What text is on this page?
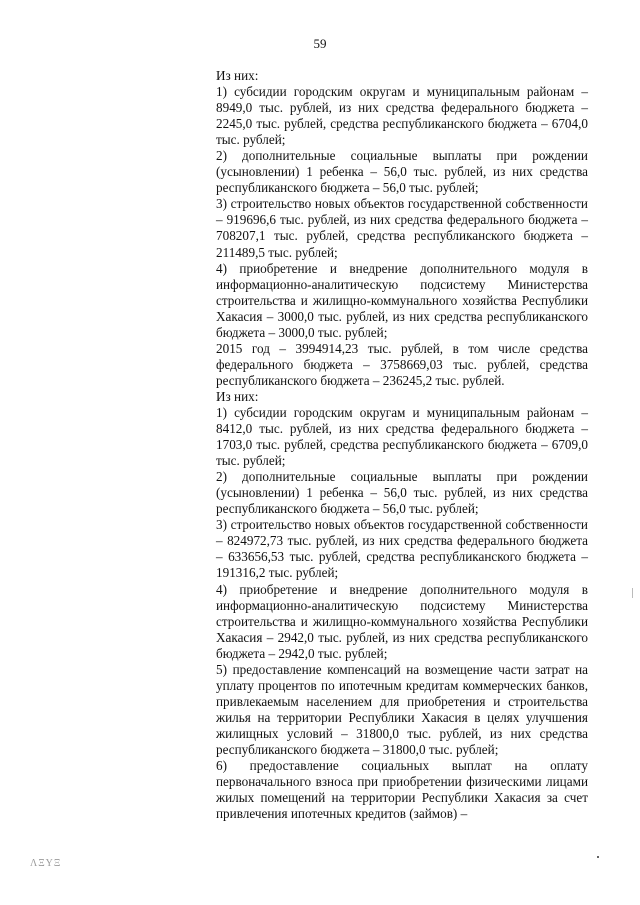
59

Из них:

1) субсидии городским округам и муниципальным районам – 8949,0 тыс. рублей, из них средства федерального бюджета – 2245,0 тыс. рублей, средства республиканского бюджета – 6704,0 тыс. рублей;

2) дополнительные социальные выплаты при рождении (усыновлении) 1 ребенка – 56,0 тыс. рублей, из них средства республиканского бюджета – 56,0 тыс. рублей;

3) строительство новых объектов государственной собственности – 919696,6 тыс. рублей, из них средства федерального бюджета – 708207,1 тыс. рублей, средства республиканского бюджета – 211489,5 тыс. рублей;

4) приобретение и внедрение дополнительного модуля в информационно-аналитическую подсистему Министерства строительства и жилищно-коммунального хозяйства Республики Хакасия – 3000,0 тыс. рублей, из них средства республиканского бюджета – 3000,0 тыс. рублей;

2015 год – 3994914,23 тыс. рублей, в том числе средства федерального бюджета – 3758669,03 тыс. рублей, средства республиканского бюджета – 236245,2 тыс. рублей.

Из них:

1) субсидии городским округам и муниципальным районам – 8412,0 тыс. рублей, из них средства федерального бюджета – 1703,0 тыс. рублей, средства республиканского бюджета – 6709,0 тыс. рублей;

2) дополнительные социальные выплаты при рождении (усыновлении) 1 ребенка – 56,0 тыс. рублей, из них средства республиканского бюджета – 56,0 тыс. рублей;

3) строительство новых объектов государственной собственности – 824972,73 тыс. рублей, из них средства федерального бюджета – 633656,53 тыс. рублей, средства республиканского бюджета – 191316,2 тыс. рублей;

4) приобретение и внедрение дополнительного модуля в информационно-аналитическую подсистему Министерства строительства и жилищно-коммунального хозяйства Республики Хакасия – 2942,0 тыс. рублей, из них средства республиканского бюджета – 2942,0 тыс. рублей;

5) предоставление компенсаций на возмещение части затрат на уплату процентов по ипотечным кредитам коммерческих банков, привлекаемым населением для приобретения и строительства жилья на территории Республики Хакасия в целях улучшения жилищных условий – 31800,0 тыс. рублей, из них средства республиканского бюджета – 31800,0 тыс. рублей;

6) предоставление социальных выплат на оплату первоначального взноса при приобретении физическими лицами жилых помещений на территории Республики Хакасия за счет привлечения ипотечных кредитов (займов) –

ΛΞΥΞ
